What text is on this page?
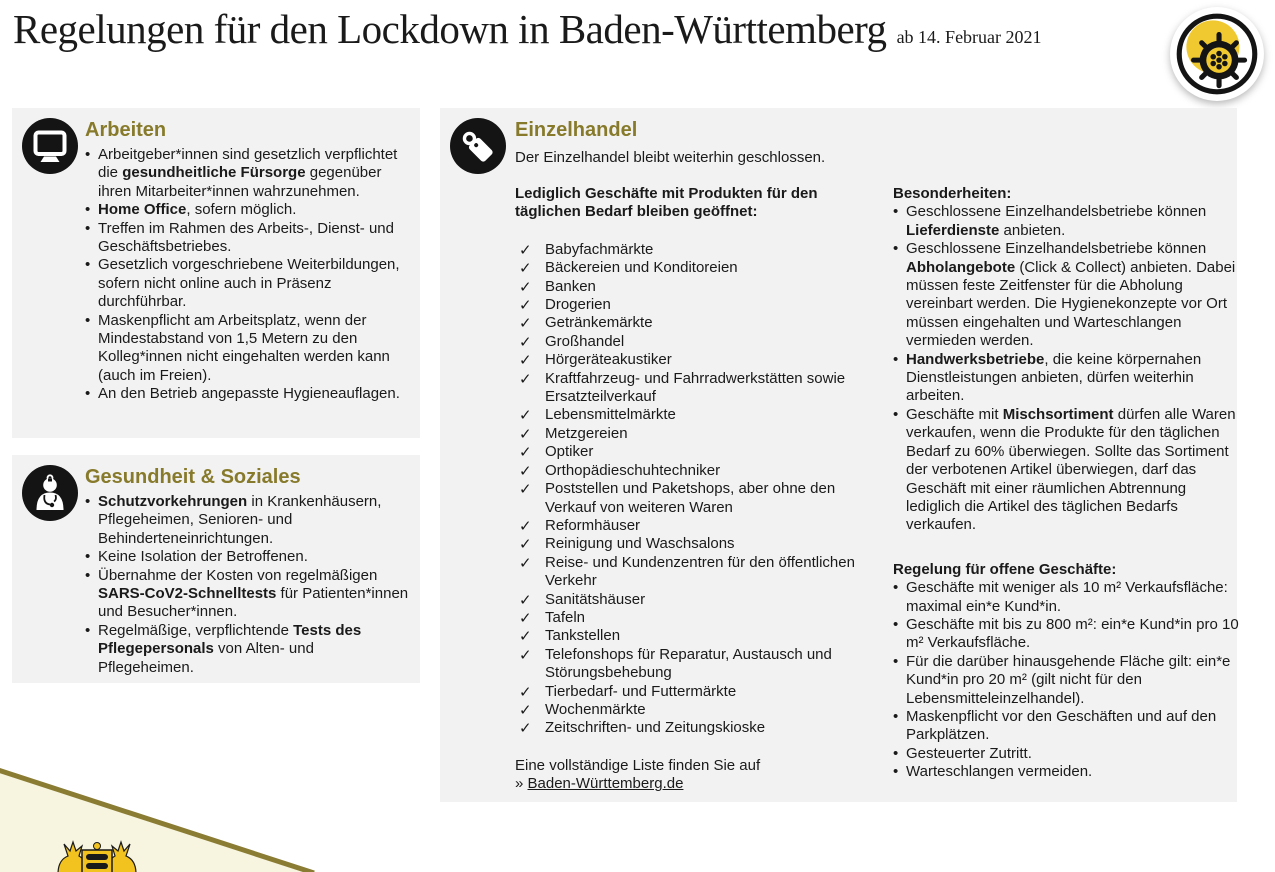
Regelungen für den Lockdown in Baden-Württemberg ab 14. Februar 2021
Arbeiten
• Arbeitgeber*innen sind gesetzlich verpflichtet die gesundheitliche Fürsorge gegenüber ihren Mitarbeiter*innen wahrzunehmen.
• Home Office, sofern möglich.
• Treffen im Rahmen des Arbeits-, Dienst- und Geschäftsbetriebes.
• Gesetzlich vorgeschriebene Weiterbildungen, sofern nicht online auch in Präsenz durchführbar.
• Maskenpflicht am Arbeitsplatz, wenn der Mindestabstand von 1,5 Metern zu den Kolleg*innen nicht eingehalten werden kann (auch im Freien).
• An den Betrieb angepasste Hygieneauflagen.
Gesundheit & Soziales
• Schutzvorkehrungen in Krankenhäusern, Pflegeheimen, Senioren- und Behinderteneinrichtungen.
• Keine Isolation der Betroffenen.
• Übernahme der Kosten von regelmäßigen SARS-CoV2-Schnelltests für Patienten*innen und Besucher*innen.
• Regelmäßige, verpflichtende Tests des Pflegepersonals von Alten- und Pflegeheimen.
Einzelhandel

Der Einzelhandel bleibt weiterhin geschlossen.

Lediglich Geschäfte mit Produkten für den täglichen Bedarf bleiben geöffnet:
✓ Babyfachmärkte
✓ Bäckereien und Konditoreien
✓ Banken
✓ Drogerien
✓ Getränkemärkte
✓ Großhandel
✓ Hörgeräteakustiker
✓ Kraftfahrzeug- und Fahrradwerkstätten sowie Ersatzteilverkauf
✓ Lebensmittelmärkte
✓ Metzgereien
✓ Optiker
✓ Orthopädieschuhtechniker
✓ Poststellen und Paketshops, aber ohne den Verkauf von weiteren Waren
✓ Reformhäuser
✓ Reinigung und Waschsalons
✓ Reise- und Kundenzentren für den öffentlichen Verkehr
✓ Sanitätshäuser
✓ Tafeln
✓ Tankstellen
✓ Telefonshops für Reparatur, Austausch und Störungsbehebung
✓ Tierbedarf- und Futtermärkte
✓ Wochenmärkte
✓ Zeitschriften- und Zeitungskioske

Eine vollständige Liste finden Sie auf

» Baden-Württemberg.de

Besonderheiten:
• Geschlossene Einzelhandelsbetriebe können Lieferdienste anbieten.
• Geschlossene Einzelhandelsbetriebe können Abholangebote (Click & Collect) anbieten. Dabei müssen feste Zeitfenster für die Abholung vereinbart werden. Die Hygienekonzepte vor Ort müssen eingehalten und Warteschlangen vermieden werden.
• Handwerksbetriebe, die keine körpernahen Dienstleistungen anbieten, dürfen weiterhin arbeiten.
• Geschäfte mit Mischsortiment dürfen alle Waren verkaufen, wenn die Produkte für den täglichen Bedarf zu 60% überwiegen. Sollte das Sortiment der verbotenen Artikel überwiegen, darf das Geschäft mit einer räumlichen Abtrennung lediglich die Artikel des täglichen Bedarfs verkaufen.
Regelung für offene Geschäfte:
• Geschäfte mit weniger als 10 m² Verkaufsfläche: maximal ein*e Kund*in.
• Geschäfte mit bis zu 800 m²: ein*e Kund*in pro 10 m² Verkaufsfläche.
• Für die darüber hinausgehende Fläche gilt: ein*e Kund*in pro 20 m² (gilt nicht für den Lebensmitteleinzelhandel).
• Maskenpflicht vor den Geschäften und auf den Parkplätzen.
• Gesteuerter Zutritt.
• Warteschlangen vermeiden.
